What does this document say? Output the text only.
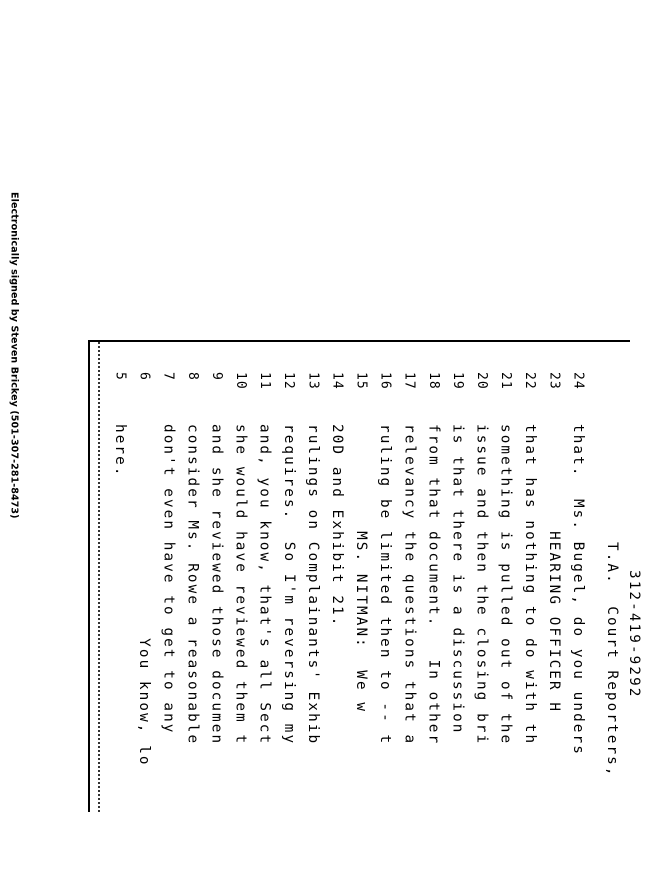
Electronically signed by Steven Brickey (501-307-281-8473)	5
here.
6
You know, lo
7
don't even have to get to any
8
consider Ms. Rowe a reasonable
9
and she reviewed those documen
10
she would have reviewed them t
11
and, you know, that's all Sect
12
requires.  So I'm reversing my
13
rulings on Complainants' Exhib
14
20D and Exhibit 21.
15
MS. NITMAN:  We w
16
ruling be limited then to -- t
17
relevancy the questions that a
18
from that document.   In other
19
is that there is a discussion
20
issue and then the closing bri
21
something is pulled out of the
22
that has nothing to do with th
23
HEARING OFFICER H
24
that.  Ms. Bugel, do you unders T.A.  Court Reporters, 312-419-9292
